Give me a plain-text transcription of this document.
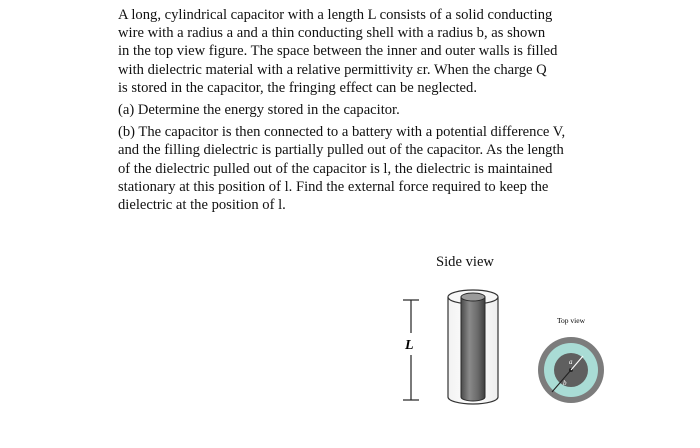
A long, cylindrical capacitor with a length L consists of a solid conducting

wire with a radius a and a thin conducting shell with a radius b, as shown

in the top view figure. The space between the inner and outer walls is filled

with dielectric material with a relative permittivity εr. When the charge Q

is stored in the capacitor, the fringing effect can be neglected.

(a) Determine the energy stored in the capacitor.

(b) The capacitor is then connected to a battery with a potential difference V,

and the filling dielectric is partially pulled out of the capacitor. As the length

of the dielectric pulled out of the capacitor is l, the dielectric is maintained

stationary at this position of l. Find the external force required to keep the

dielectric at the position of l.

Side view
L
Top view
a
b
